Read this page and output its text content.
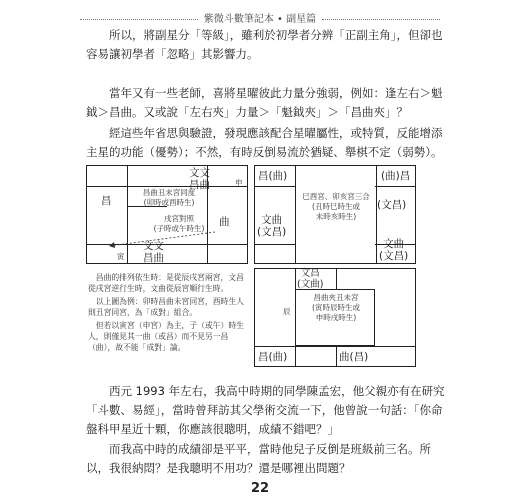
紫微斗數筆記本 • 副星篇

所以，將副星分「等級」，雖利於初學者分辨「正副主角」，但卻也容易讓初學者「忽略」其影響力。

當年又有一些老師，喜將星曜彼此力量分強弱，例如：逢左右＞魁鉞＞昌曲。又或說「左右夾」力量＞「魁鉞夾」＞「昌曲夾」？

經這些年省思與驗證，發現應該配合星曜屬性，或特質，反能增添主星的功能（優勢）；不然，有時反倒易流於猶疑、舉棋不定（弱勢）。

文文
昌曲	申
昌
昌曲丑未宮同度
(卯時或酉時生)
曲
戌宮對照
(子時或午時生)
文文
昌曲
寅
昌(曲)	(曲)昌
巳酉宮、卯亥宮三合
(丑時巳時生或
未時亥時生)
文曲
(文昌)
(文昌)
文曲
(文昌)

昌曲的排列依生時：是從辰戌宮兩宮，文昌從戌宮逆行生時，文曲從辰宮順行生時。

以上圖為例：卯時昌曲未宮同宮，酉時生人則丑宮同宮，為「成對」組合。

但若以寅宮（申宮）為主，子（或午）時生人，則僅見其一曲（或昌）而不見另一昌（曲），故不能「成對」論。

文昌
(文曲)
昌曲夾丑未宮
(寅時辰時生或
申時戌時生)
辰
昌(曲)	曲(昌)

西元 1993 年左右，我高中時期的同學陳孟宏，他父親亦有在研究「斗數、易經」，當時曾拜訪其父學術交流一下，他曾說一句話：「你命盤科甲星近十顆，你應該很聰明，成績不錯吧？」

而我高中時的成績卻是平平，當時他兒子反倒是班級前三名。所以，我很納悶？是我聰明不用功？還是哪裡出問題？

22
